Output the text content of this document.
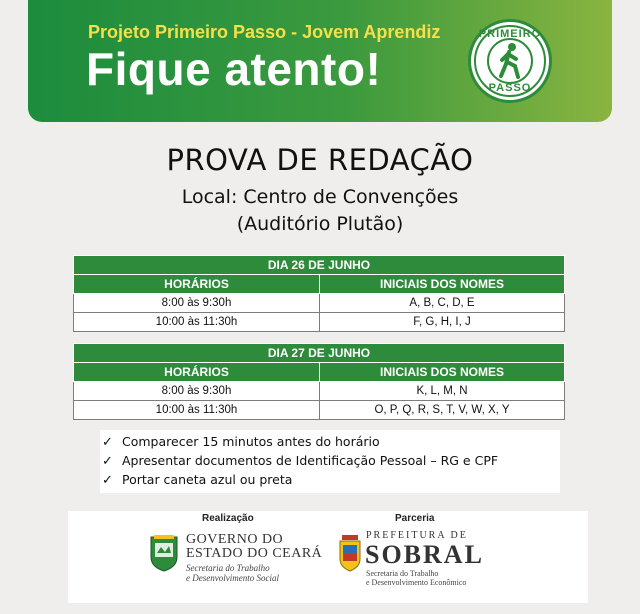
Projeto Primeiro Passo - Jovem Aprendiz
Fique atento!
PRIMEIRO
PASSO
PROVA DE REDAÇÃO
Local: Centro de Convenções
(Auditório Plutão)
DIA 26 DE JUNHO	
HORÁRIOS	INICIAIS DOS NOMES
8:00 às 9:30h	A, B, C, D, E
10:00 às 11:30h	F, G, H, I, J
DIA 27 DE JUNHO	
HORÁRIOS	INICIAIS DOS NOMES
8:00 às 9:30h	K, L, M, N
10:00 às 11:30h	O, P, Q, R, S, T, V, W, X, Y
✓ Comparecer 15 minutos antes do horário
✓ Apresentar documentos de Identificação Pessoal – RG e CPF
✓ Portar caneta azul ou preta
Realização	Parceria
GOVERNO DO
ESTADO DO CEARÁ
Secretaria do Trabalho
e Desenvolvimento Social
PREFEITURA DE
SOBRAL
Secretaria do Trabalho
e Desenvolvimento Econômico
